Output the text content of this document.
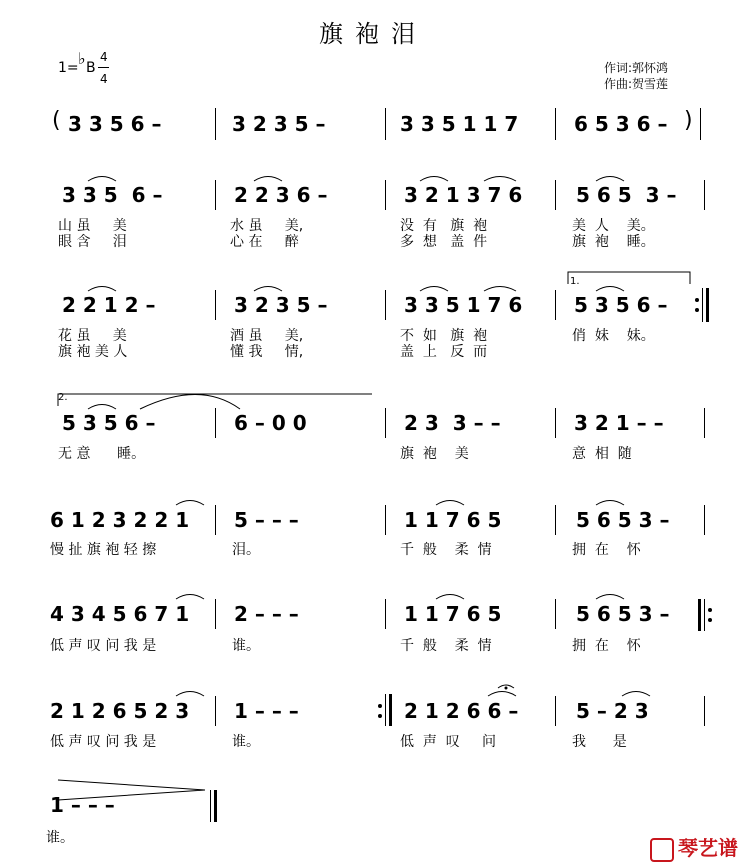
旗袍泪
1= ♭ B
4
4
作词:郭怀鸿
作曲:贺雪莲
( 3 3 5 6 –	3 2 3 5 –	3 3 5 1 1 7	6 5 3 6 – )
3 3 5  6 –	2 2 3 6 –	3 2 1 3 7 6	5 6 5  3 –
山 虽     美	水 虽     美,	没  有   旗  袍	美  人    美。
眼 含     泪	心 在     醉	多  想   盖  件	旗  袍    睡。
2 2 1 2 –	3 2 3 5 –	3 3 5 1 7 6	5 3 5 6 –
花 虽     美	酒 虽     美,	不  如   旗  袍	俏  妹    妹。
旗 袍 美 人	懂 我     情,	盖  上   反  而
1.
2.
5 3 5 6 –	6 – 0 0	2 3  3 – –	3 2 1 – –
无 意      睡。	旗  袍    美	意  相  随
6 1 2 3 2 2 1 5 – – –	1 1 7 6 5	5 6 5 3 –
慢 扯 旗 袍 轻 擦	泪。	千  般    柔  情	拥  在    怀
4 3 4 5 6 7 1 2 – – –	1 1 7 6 5	5 6 5 3 –
低 声 叹 问 我 是	谁。	千  般    柔  情	拥  在    怀
2 1 2 6 5 2 3 1 – – –	2 1 2 6 6 –	5 – 2 3
低 声 叹 问 我 是	谁。	低  声  叹     问	我      是
1 – – –
谁。	琴艺谱
